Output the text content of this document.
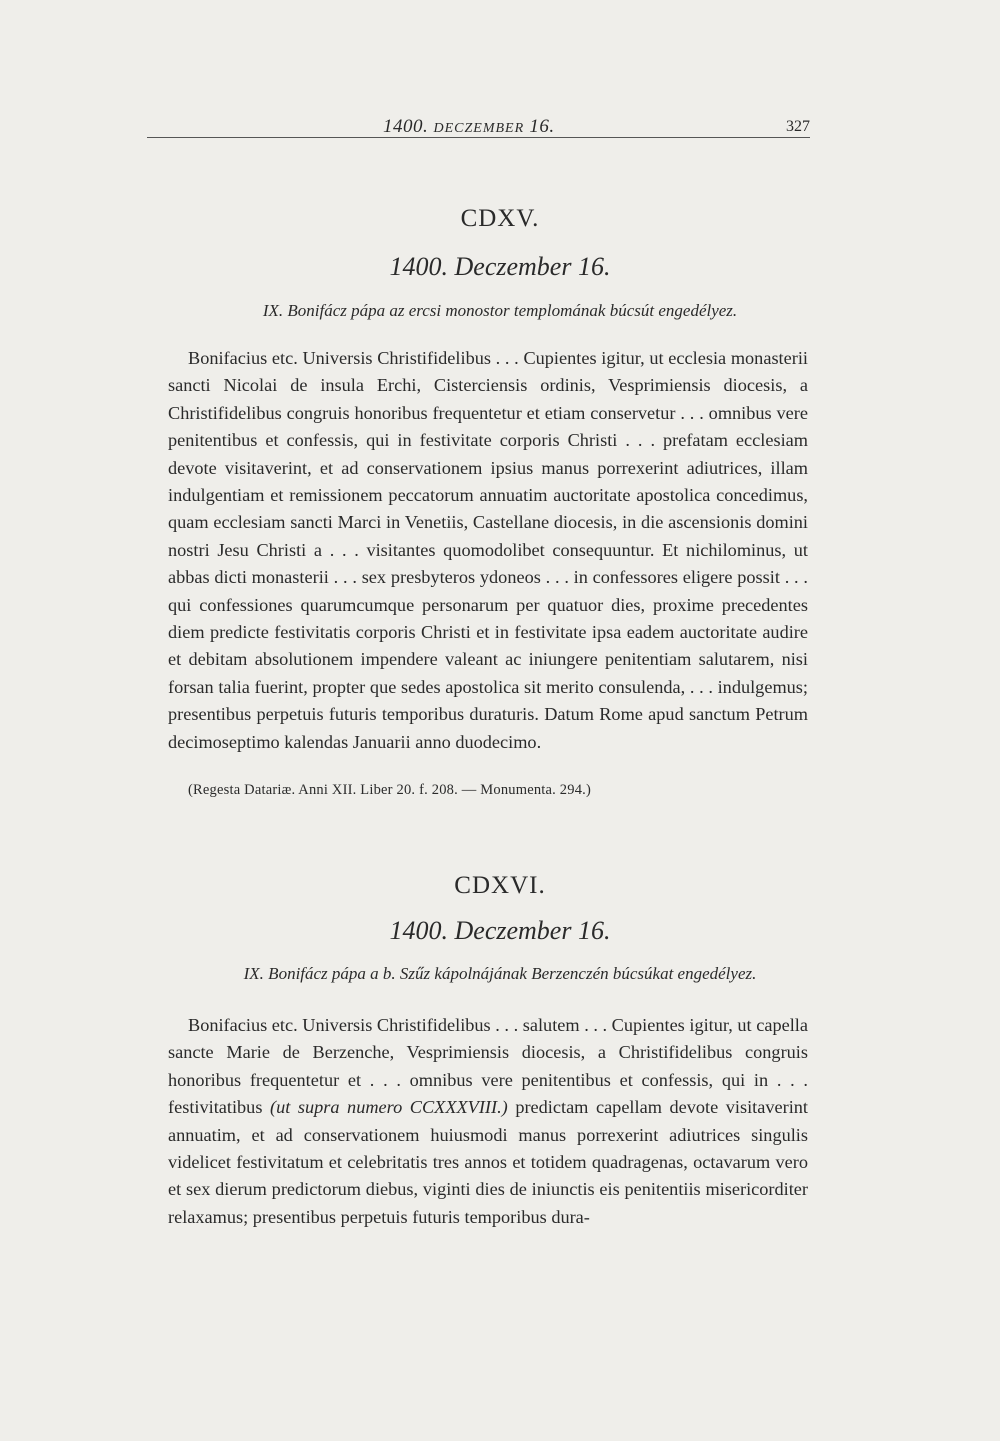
1400. DECZEMBER 16.	327
CDXV.
1400. Deczember 16.
IX. Bonifácz pápa az ercsi monostor templomának búcsút engedélyez.

Bonifacius etc. Universis Christifidelibus . . . Cupientes igitur, ut ecclesia monasterii sancti Nicolai de insula Erchi, Cisterciensis ordinis, Vesprimiensis diocesis, a Christifidelibus congruis honoribus frequentetur et etiam conservetur . . . omnibus vere penitentibus et confessis, qui in festivitate corporis Christi . . . prefatam ecclesiam devote visitaverint, et ad conservationem ipsius manus porrexerint adiutrices, illam indulgentiam et remissionem peccatorum annuatim auctoritate apostolica concedimus, quam ecclesiam sancti Marci in Venetiis, Castellane diocesis, in die ascensionis domini nostri Jesu Christi a . . . visitantes quomodolibet consequuntur. Et nichilominus, ut abbas dicti monasterii . . . sex presbyteros ydoneos . . . in confessores eligere possit . . . qui confessiones quarumcumque personarum per quatuor dies, proxime precedentes diem predicte festivitatis corporis Christi et in festivitate ipsa eadem auctoritate audire et debitam absolutionem impendere valeant ac iniungere penitentiam salutarem, nisi forsan talia fuerint, propter que sedes apostolica sit merito consulenda, . . . indulgemus; presentibus perpetuis futuris temporibus duraturis. Datum Rome apud sanctum Petrum decimoseptimo kalendas Januarii anno duodecimo.

(Regesta Datariæ. Anni XII. Liber 20. f. 208. — Monumenta. 294.)
CDXVI.
1400. Deczember 16.
IX. Bonifácz pápa a b. Szűz kápolnájának Berzenczén búcsúkat engedélyez.

Bonifacius etc. Universis Christifidelibus . . . salutem . . . Cupientes igitur, ut capella sancte Marie de Berzenche, Vesprimiensis diocesis, a Christifidelibus congruis honoribus frequentetur et . . . omnibus vere penitentibus et confessis, qui in . . . festivitatibus (ut supra numero CCXXXVIII.) predictam capellam devote visitaverint annuatim, et ad conservationem huiusmodi manus porrexerint adiutrices singulis videlicet festivitatum et celebritatis tres annos et totidem quadragenas, octavarum vero et sex dierum predictorum diebus, viginti dies de iniunctis eis penitentiis misericorditer relaxamus; presentibus perpetuis futuris temporibus dura-
